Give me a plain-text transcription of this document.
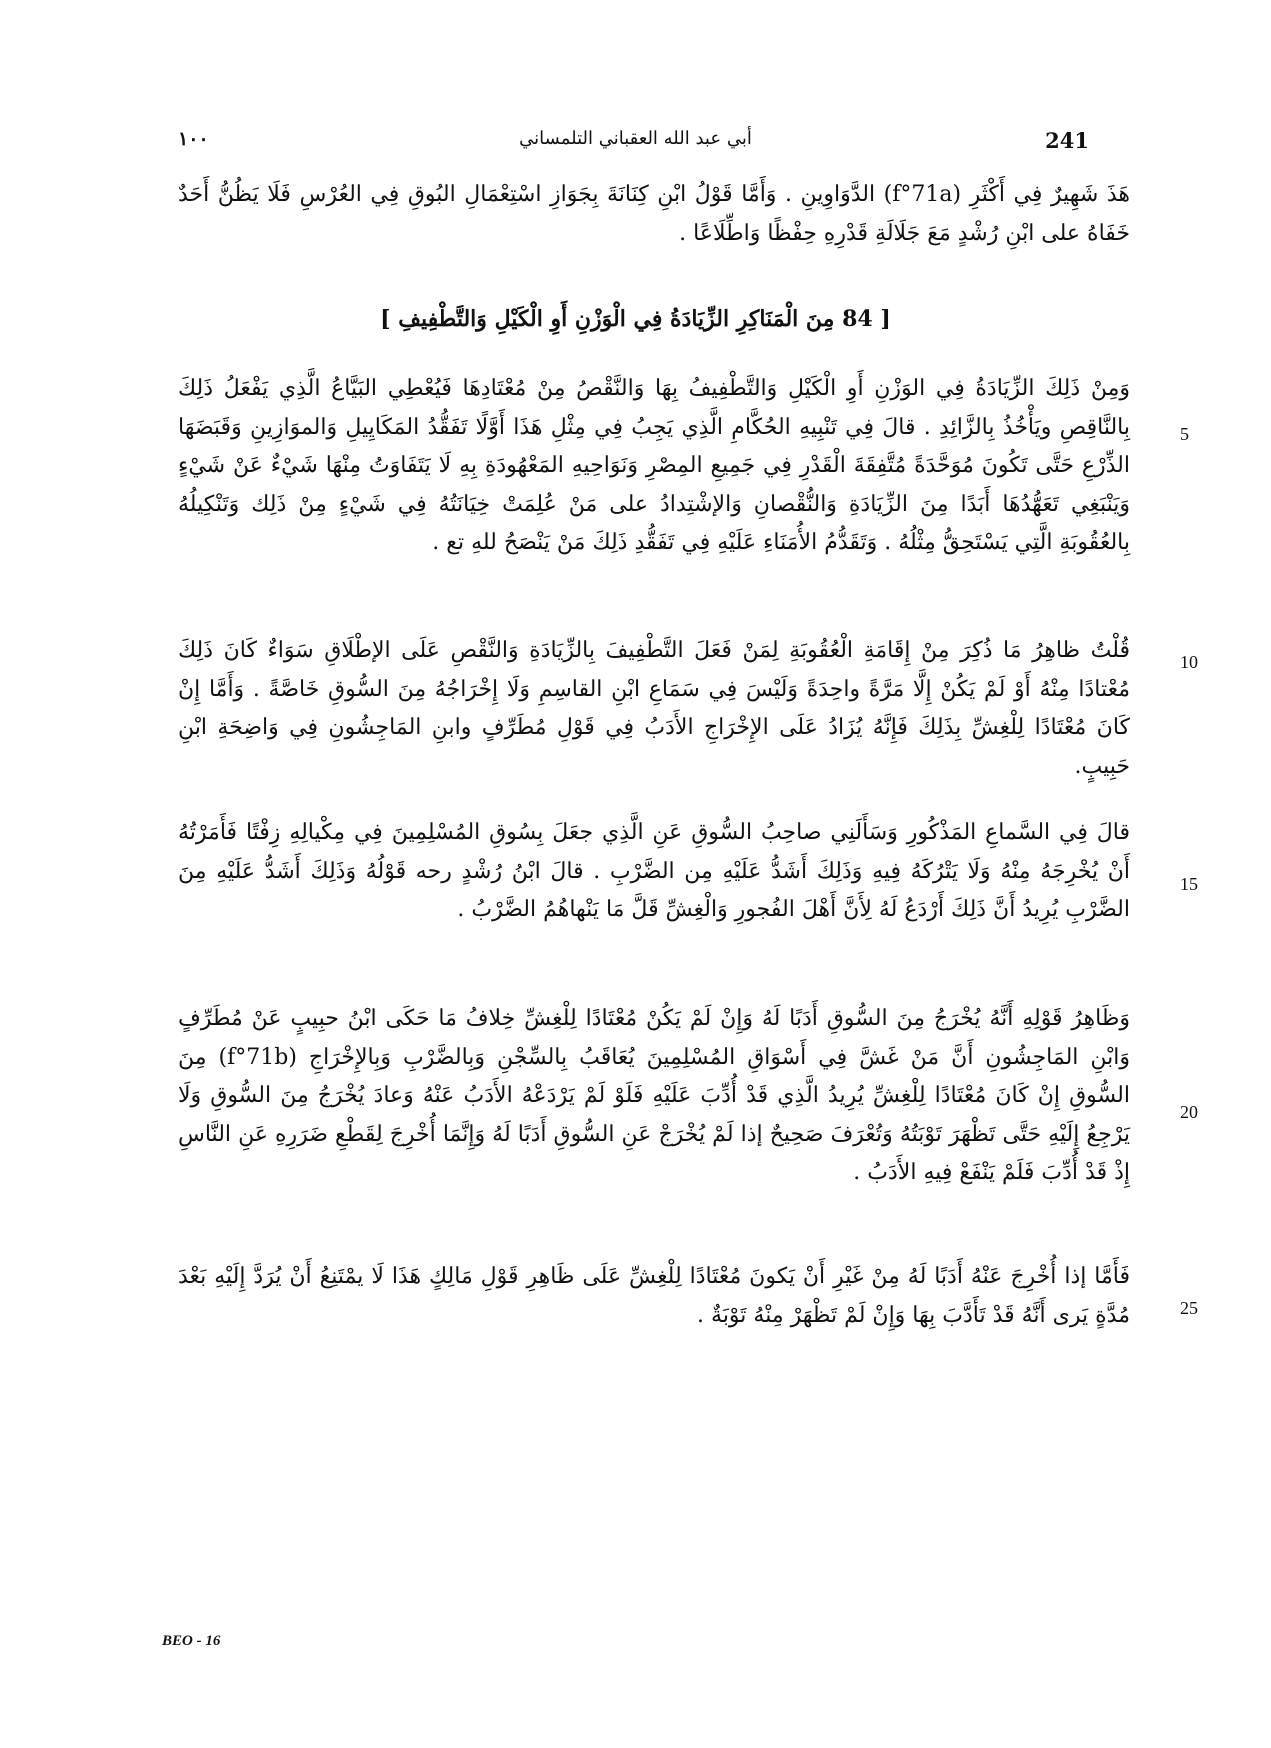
١٠٠	أبي عبد الله العقباني التلمساني	241

هَذَ شَهِيرٌ فِي أَكْثَرِ (f°71a) الدَّوَاوِينِ . وَأَمَّا قَوْلُ ابْنِ كِنَانَةَ بِجَوَازِ اسْتِعْمَالِ البُوقِ فِي العُرْسِ فَلَا يَظُنُّ أَحَدٌ خَفَاهُ على ابْنِ رُشْدٍ مَعَ جَلَالَةِ قَدْرِهِ حِفْظًا وَاطِّلَاعًا .

[ 84 مِنَ الْمَنَاكِرِ الزِّيَادَةُ فِي الْوَزْنِ أَوِ الْكَيْلِ وَالتَّطْفِيفِ ]

وَمِنْ ذَلِكَ الزِّيَادَةُ فِي الوَزْنِ أَوِ الْكَيْلِ وَالتَّطْفِيفُ بِهَا وَالنَّقْصُ مِنْ مُعْتَادِهَا فَيُعْطِي البَيَّاعُ الَّذِي يَفْعَلُ ذَلِكَ بِالنَّاقِصِ ويَأْخُذُ بِالزَّائِدِ . قالَ فِي تَنْبِيهِ الحُكَّامِ الَّذِي يَجِبُ فِي مِثْلِ هَذَا أَوَّلًا تَفَقُّدُ المَكَايِيلِ وَالموَازِينِ وَقَبَضَهَا الذِّرْعِ حَتَّى تَكُونَ مُوَحَّدَةً مُتَّفِقَةَ الْقَدْرِ فِي جَمِيعِ المِصْرِ وَنَوَاحِيهِ المَعْهُودَةِ بِهِ لَا يَتَفَاوَتُ مِنْهَا شَيْءٌ عَنْ شَيْءٍ وَيَنْبَغِي تَعَهُّدُهَا أَبَدًا مِنَ الزِّيَادَةِ وَالنُّقْصانِ وَالإشْتِدادُ على مَنْ عُلِمَتْ خِيَانَتُهُ فِي شَيْءٍ مِنْ ذَلِك وَتَنْكِيلُهُ بِالعُقُوبَةِ الَّتِي يَسْتَحِقُّ مِثْلُهُ . وَتَقَدُّمُ الأُمَنَاءِ عَلَيْهِ فِي تَفَقُّدِ ذَلِكَ مَنْ يَنْصَحُ للهِ تع .

قُلْتُ ظاهِرُ مَا ذُكِرَ مِنْ إِقَامَةِ الْعُقُوبَةِ لِمَنْ فَعَلَ التَّطْفِيفَ بِالزِّيَادَةِ وَالنَّقْصِ عَلَى الإطْلَاقِ سَوَاءٌ كَانَ ذَلِكَ مُعْتادًا مِنْهُ أَوْ لَمْ يَكُنْ إِلَّا مَرَّةً واحِدَةً وَلَيْسَ فِي سَمَاعِ ابْنِ القاسِمِ وَلَا إِخْرَاجُهُ مِنَ السُّوقِ خَاصَّةً . وَأَمَّا إِنْ كَانَ مُعْتَادًا لِلْغِشِّ بِذَلِكَ فَإِنَّهُ يُزَادُ عَلَى الإِخْرَاجِ الأَدَبُ فِي قَوْلِ مُطَرِّفٍ وابنِ المَاجِشُونِ فِي وَاضِحَةِ ابْنِ حَبِيبٍ.

قالَ فِي السَّماعِ المَذْكُورِ وَسَأَلَنِي صاحِبُ السُّوقِ عَنِ الَّذِي جعَلَ بِسُوقِ المُسْلِمِينَ فِي مِكْيالِهِ زِفْتًا فَأَمَرْتُهُ أَنْ يُخْرِجَهُ مِنْهُ وَلَا يَتْرُكَهُ فِيهِ وَذَلِكَ أَشَدُّ عَلَيْهِ مِن الضَّرْبِ . قالَ ابْنُ رُشْدٍ رحه قَوْلُهُ وَذَلِكَ أَشَدُّ عَلَيْهِ مِنَ الضَّرْبِ يُرِيدُ أَنَّ ذَلِكَ أَرْدَعُ لَهُ لِأَنَّ أَهْلَ الفُجورِ وَالْغِشِّ قَلَّ مَا يَنْهاهُمُ الضَّرْبُ .

وَظَاهِرُ قَوْلِهِ أَنَّهُ يُخْرَجُ مِنَ السُّوقِ أَدَبًا لَهُ وَإِنْ لَمْ يَكُنْ مُعْتَادًا لِلْغِشِّ خِلافُ مَا حَكَى ابْنُ حبِيبٍ عَنْ مُطَرِّفٍ وَابْنِ المَاجِشُونِ أَنَّ مَنْ غَشَّ فِي أَسْوَاقِ المُسْلِمِينَ يُعَاقَبُ بِالسِّجْنِ وَبِالضَّرْبِ وَبِالإِخْرَاجِ (f°71b) مِنَ السُّوقِ إِنْ كَانَ مُعْتَادًا لِلْغِشِّ يُرِيدُ الَّذِي قَدْ أُدِّبَ عَلَيْهِ فَلَوْ لَمْ يَرْدَعْهُ الأَدَبُ عَنْهُ وَعادَ يُخْرَجُ مِنَ السُّوقِ وَلَا يَرْجِعُ إِلَيْهِ حَتَّى تَظْهَرَ تَوْبَتُهُ وَتُعْرَفَ صَحِيحٌ إذا لَمْ يُخْرَجْ عَنِ السُّوقِ أَدَبًا لَهُ وَإِنَّمَا أُخْرِجَ لِقَطْعِ ضَرَرِهِ عَنِ النَّاسِ إِذْ قَدْ أُدِّبَ فَلَمْ يَنْفَعْ فِيهِ الأَدَبُ .

فَأَمَّا إذا أُخْرِجَ عَنْهُ أَدَبًا لَهُ مِنْ غَيْرِ أَنْ يَكونَ مُعْتَادًا لِلْغِشِّ عَلَى ظَاهِرِ قَوْلِ مَالِكٍ هَذَا لَا يمْتَنِعُ أَنْ يُرَدَّ إِلَيْهِ بَعْدَ مُدَّةٍ يَرى أَنَّهُ قَدْ تَأَدَّبَ بِهَا وَإِنْ لَمْ تَظْهَرْ مِنْهُ تَوْبَةٌ .

5
10
15
20
25
BEO - 16
